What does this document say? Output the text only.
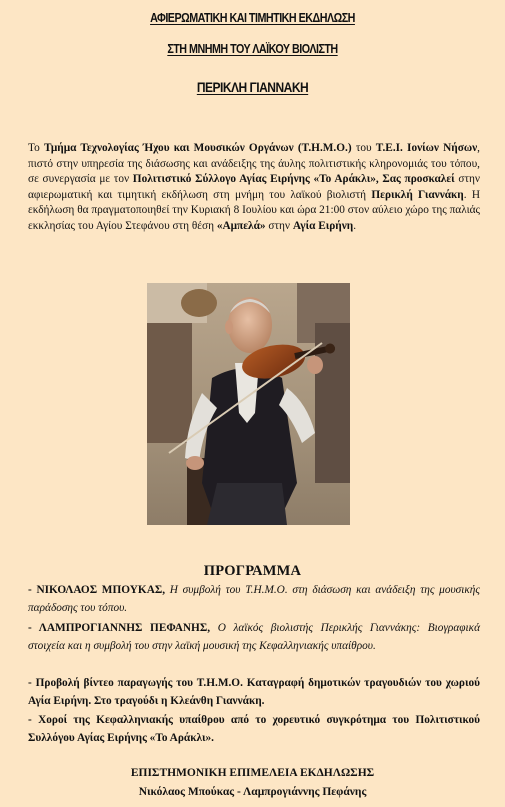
ΑΦΙΕΡΩΜΑΤΙΚΗ ΚΑΙ ΤΙΜΗΤΙΚΗ ΕΚΔΗΛΩΣΗ
ΣΤΗ ΜΝΗΜΗ ΤΟΥ ΛΑΪΚΟΥ ΒΙΟΛΙΣΤΗ
ΠΕΡΙΚΛΗ ΓΙΑΝΝΑΚΗ

Το Τμήμα Τεχνολογίας Ήχου και Μουσικών Οργάνων (Τ.Η.Μ.Ο.) του Τ.Ε.Ι. Ιονίων Νήσων, πιστό στην υπηρεσία της διάσωσης και ανάδειξης της άυλης πολιτιστικής κληρονομιάς του τόπου, σε συνεργασία με τον Πολιτιστικό Σύλλογο Αγίας Ειρήνης «Το Αράκλι», Σας προσκαλεί στην αφιερωματική και τιμητική εκδήλωση στη μνήμη του λαϊκού βιολιστή Περικλή Γιαννάκη. Η εκδήλωση θα πραγματοποιηθεί την Κυριακή 8 Ιουλίου και ώρα 21:00 στον αύλειο χώρο της παλιάς εκκλησίας του Αγίου Στεφάνου στη θέση «Αμπελά» στην Αγία Ειρήνη.

ΠΡΟΓΡΑΜΜΑ

- ΝΙΚΟΛΑΟΣ ΜΠΟΥΚΑΣ, Η συμβολή του Τ.Η.Μ.Ο. στη διάσωση και ανάδειξη της μουσικής παράδοσης του τόπου.

- ΛΑΜΠΡΟΓΙΑΝΝΗΣ ΠΕΦΑΝΗΣ, Ο λαϊκός βιολιστής Περικλής Γιαννάκης: Βιογραφικά στοιχεία και η συμβολή του στην λαϊκή μουσική της Κεφαλληνιακής υπαίθρου.

- Προβολή βίντεο παραγωγής του Τ.Η.Μ.Ο. Καταγραφή δημοτικών τραγουδιών του χωριού Αγία Ειρήνη. Στο τραγούδι η Κλεάνθη Γιαννάκη.

- Χοροί της Κεφαλληνιακής υπαίθρου από το χορευτικό συγκρότημα του Πολιτιστικού Συλλόγου Αγίας Ειρήνης «Το Αράκλι».

ΕΠΙΣΤΗΜΟΝΙΚΗ ΕΠΙΜΕΛΕΙΑ ΕΚΔΗΛΩΣΗΣ
Νικόλαος Μπούκας - Λαμπρογιάννης Πεφάνης
